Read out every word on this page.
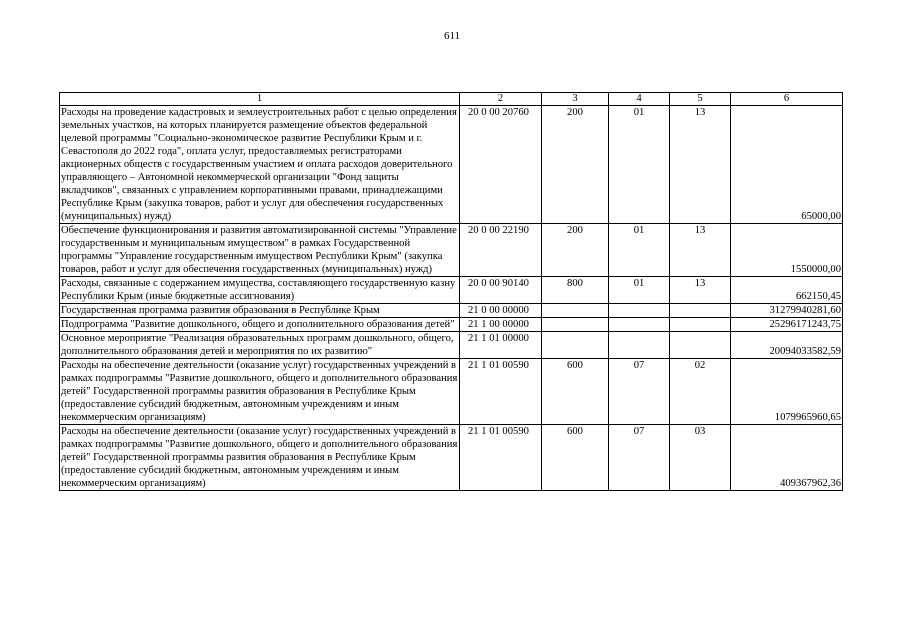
611
1	2	3	4	5	6
Расходы на проведение кадастровых и землеустроительных работ с целью определения земельных участков, на которых планируется размещение объектов федеральной целевой программы "Социально-экономическое развитие Республики Крым и г. Севастополя до 2022 года", оплата услуг, предоставляемых регистраторами акционерных обществ с государственным участием и оплата расходов доверительного управляющего – Автономной некоммерческой организации "Фонд защиты вкладчиков", связанных с управлением корпоративными правами, принадлежащими Республике Крым (закупка товаров, работ и услуг для обеспечения государственных (муниципальных) нужд)	20 0 00 20760	200	01	13	65000,00
Обеспечение функционирования и развития автоматизированной системы "Управление государственным и муниципальным имуществом" в рамках Государственной программы "Управление государственным имуществом Республики Крым" (закупка товаров, работ и услуг для обеспечения государственных (муниципальных) нужд)	20 0 00 22190	200	01	13	1550000,00
Расходы, связанные с содержанием имущества, составляющего государственную казну Республики Крым (иные бюджетные ассигнования)	20 0 00 90140	800	01	13	662150,45
Государственная программа развития образования в Республике Крым	21 0 00 00000				31279940281,60
Подпрограмма "Развитие дошкольного, общего и дополнительного образования детей"	21 1 00 00000				25296171243,75
Основное мероприятие "Реализация образовательных программ дошкольного, общего, дополнительного образования детей и мероприятия по их развитию"	21 1 01 00000				20094033582,59
Расходы на обеспечение деятельности (оказание услуг) государственных учреждений в рамках подпрограммы "Развитие дошкольного, общего и дополнительного образования детей" Государственной программы развития образования в Республике Крым (предоставление субсидий бюджетным, автономным учреждениям и иным некоммерческим организациям)	21 1 01 00590	600	07	02	1079965960,65
Расходы на обеспечение деятельности (оказание услуг) государственных учреждений в рамках подпрограммы "Развитие дошкольного, общего и дополнительного образования детей" Государственной программы развития образования в Республике Крым (предоставление субсидий бюджетным, автономным учреждениям и иным некоммерческим организациям)	21 1 01 00590	600	07	03	409367962,36
